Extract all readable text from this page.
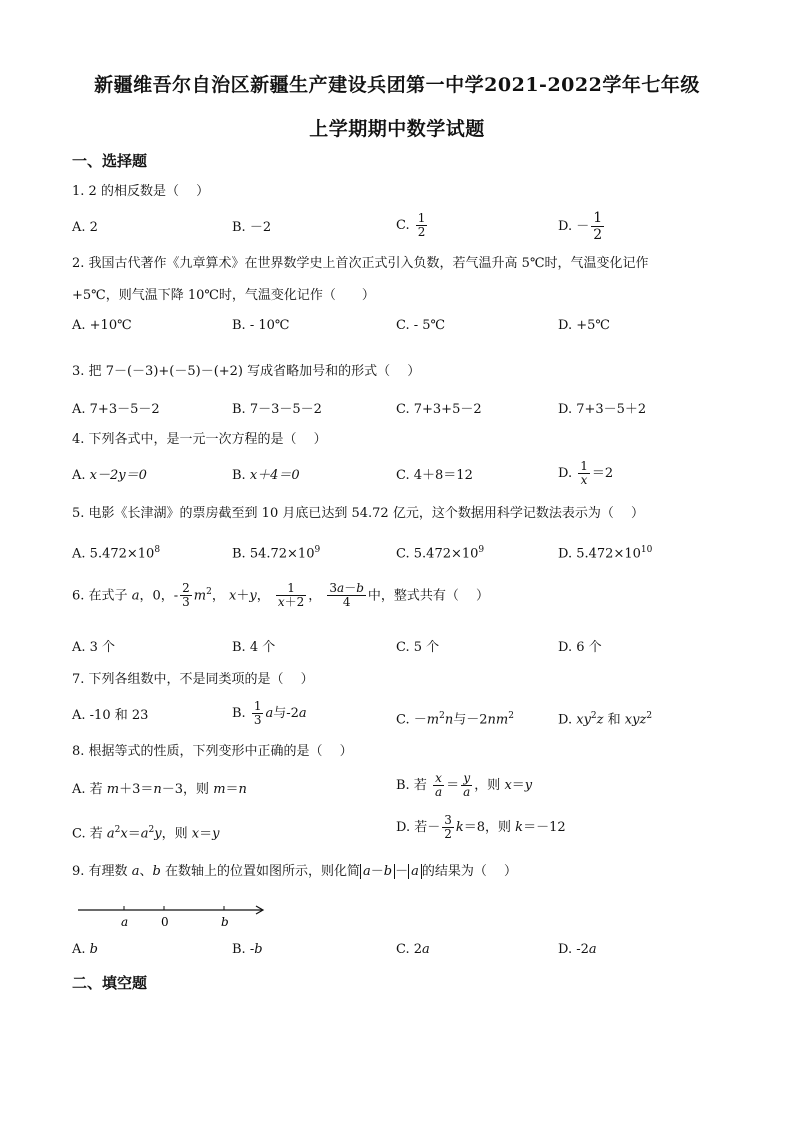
新疆维吾尔自治区新疆生产建设兵团第一中学2021-2022学年七年级
上学期期中数学试题
一、选择题
1. 2 的相反数是（　 ）
A. 2	B. －2	C. $\frac{1}{2}$	D. － $\frac{1}{2}$
2. 我国古代著作《九章算术》在世界数学史上首次正式引入负数，若气温升高 5℃时，气温变化记作
+5℃，则气温下降 10℃时，气温变化记作（　　）
A. +10℃	B. - 10℃	C. - 5℃	D. +5℃
3. 把 7－(－3)+(－5)－(+2) 写成省略加号和的形式（　 ）
A. 7+3－5－2	B. 7－3－5－2	C. 7+3+5－2	D. 7+3－5＋2
4. 下列各式中，是一元一次方程的是（　 ）
A. x－2y＝0	B. x＋4＝0	C. 4＋8＝12	D. $\frac{1}{x} =2$
5. 电影《长津湖》的票房截至到 10 月底已达到 54.72 亿元，这个数据用科学记数法表示为（　 ）
A. $5.472\times 10^8$	B. $54.72\times 10^9$	C. $5.472\times 10^9$	D. $5.472\times 10^{10}$
6. 在式子 a，0，- $\frac{2}{3} m^2$， x＋y， $\frac{1}{x+2}$ ， $\frac{3a-b}{4}$ 中，整式共有（　 ）
A. 3 个	B. 4 个	C. 5 个	D. 6 个
7. 下列各组数中，不是同类项的是（　 ）
A. -10 和 23	B. $\frac{1}{3}$ a与-2a	C. $-m^2n$与$-2nm^2$	D. $xy^2z$ 和 xyz$^2$
8. 根据等式的性质，下列变形中正确的是（　 ）
A. 若 m＋3＝n－3，则 m＝n	B. 若 $\frac{x}{a} = \frac{y}{a}$ ，则 x＝y
C. 若 $a^2x=a^2y$，则 x＝y	D. 若－ $\frac{3}{2} k=8$，则 k＝－12
9. 有理数 a、b 在数轴上的位置如图所示，则化简 a－b － a 的结果为（　 ）
a	0	b
A. b	B. -b	C. 2a	D. -2a
二、填空题
